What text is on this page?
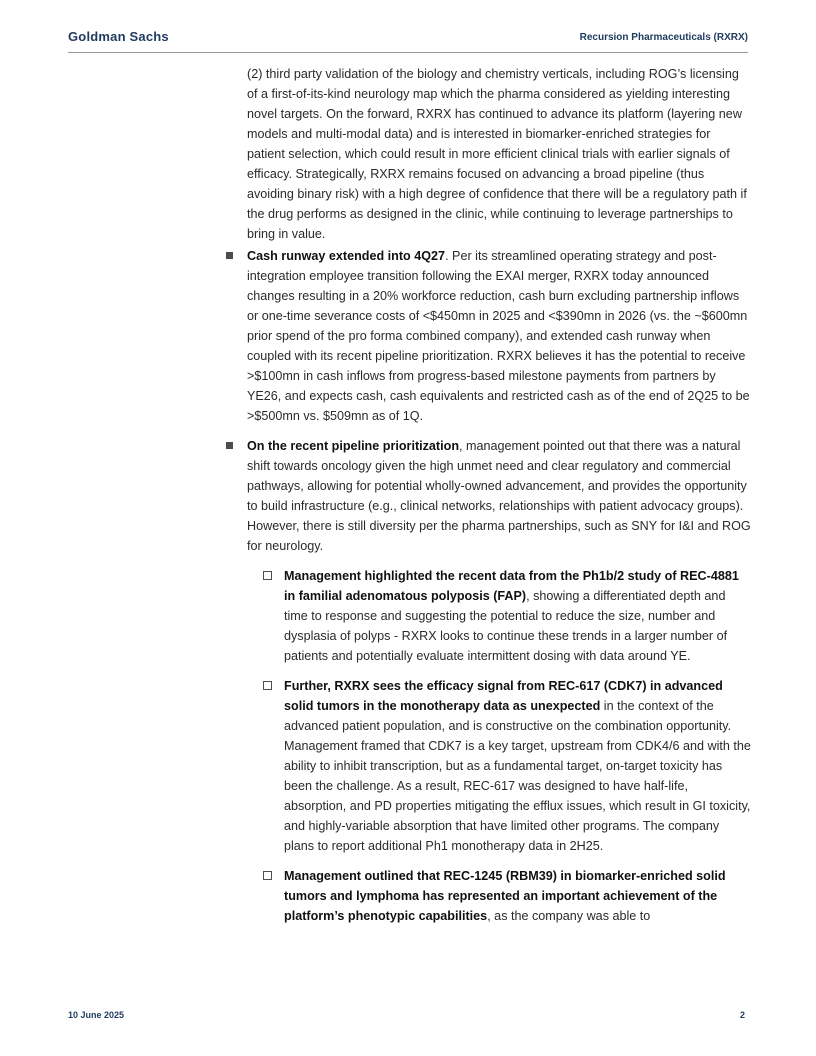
Goldman Sachs	Recursion Pharmaceuticals (RXRX)

(2) third party validation of the biology and chemistry verticals, including ROG’s licensing of a first-of-its-kind neurology map which the pharma considered as yielding interesting novel targets. On the forward, RXRX has continued to advance its platform (layering new models and multi-modal data) and is interested in biomarker-enriched strategies for patient selection, which could result in more efficient clinical trials with earlier signals of efficacy. Strategically, RXRX remains focused on advancing a broad pipeline (thus avoiding binary risk) with a high degree of confidence that there will be a regulatory path if the drug performs as designed in the clinic, while continuing to leverage partnerships to bring in value.

Cash runway extended into 4Q27. Per its streamlined operating strategy and post-integration employee transition following the EXAI merger, RXRX today announced changes resulting in a 20% workforce reduction, cash burn excluding partnership inflows or one-time severance costs of <$450mn in 2025 and <$390mn in 2026 (vs. the ~$600mn prior spend of the pro forma combined company), and extended cash runway when coupled with its recent pipeline prioritization. RXRX believes it has the potential to receive >$100mn in cash inflows from progress-based milestone payments from partners by YE26, and expects cash, cash equivalents and restricted cash as of the end of 2Q25 to be >$500mn vs. $509mn as of 1Q.
On the recent pipeline prioritization, management pointed out that there was a natural shift towards oncology given the high unmet need and clear regulatory and commercial pathways, allowing for potential wholly-owned advancement, and provides the opportunity to build infrastructure (e.g., clinical networks, relationships with patient advocacy groups). However, there is still diversity per the pharma partnerships, such as SNY for I&I and ROG for neurology.
Management highlighted the recent data from the Ph1b/2 study of REC-4881 in familial adenomatous polyposis (FAP), showing a differentiated depth and time to response and suggesting the potential to reduce the size, number and dysplasia of polyps - RXRX looks to continue these trends in a larger number of patients and potentially evaluate intermittent dosing with data around YE.
Further, RXRX sees the efficacy signal from REC-617 (CDK7) in advanced solid tumors in the monotherapy data as unexpected in the context of the advanced patient population, and is constructive on the combination opportunity. Management framed that CDK7 is a key target, upstream from CDK4/6 and with the ability to inhibit transcription, but as a fundamental target, on-target toxicity has been the challenge. As a result, REC-617 was designed to have half-life, absorption, and PD properties mitigating the efflux issues, which result in GI toxicity, and highly-variable absorption that have limited other programs. The company plans to report additional Ph1 monotherapy data in 2H25.
Management outlined that REC-1245 (RBM39) in biomarker-enriched solid tumors and lymphoma has represented an important achievement of the platform’s phenotypic capabilities, as the company was able to
10 June 2025	2
